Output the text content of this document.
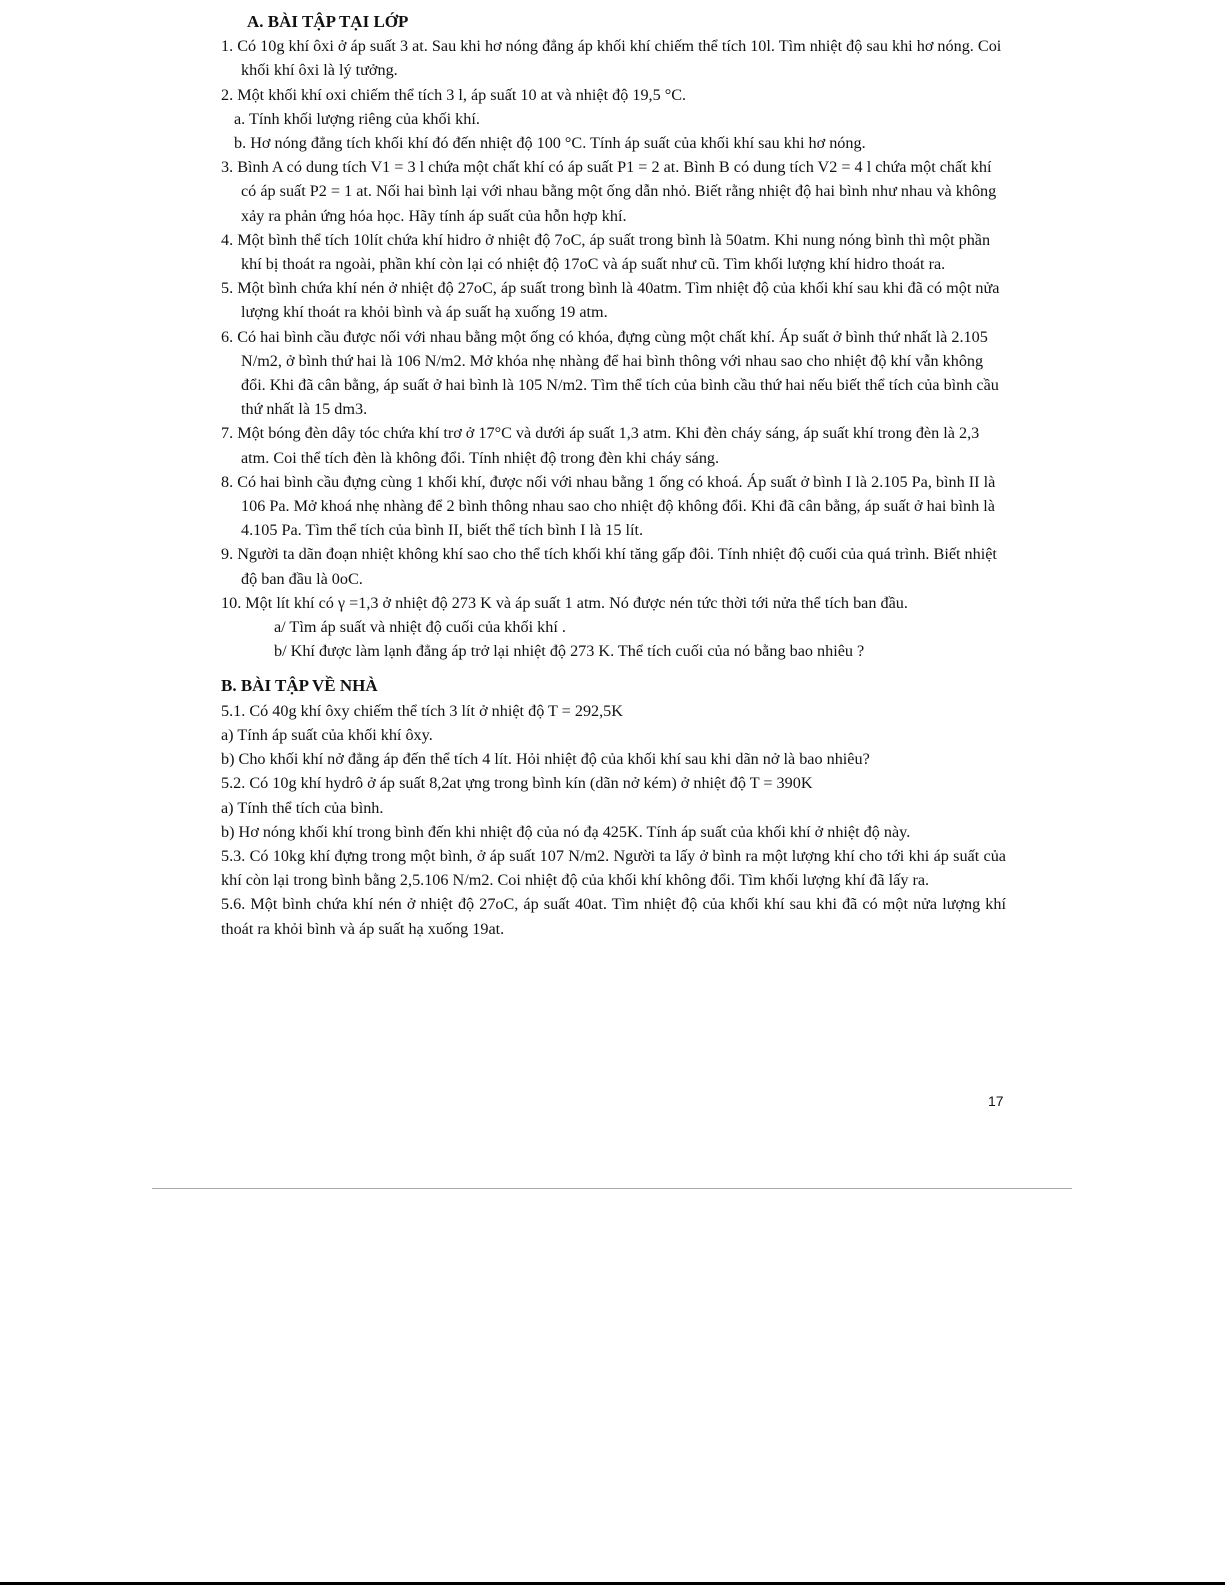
A. BÀI TẬP TẠI LỚP

1. Có 10g khí ôxi ở áp suất 3 at. Sau khi hơ nóng đẳng áp khối khí chiếm thể tích 10l. Tìm nhiệt độ sau khi hơ nóng. Coi khối khí ôxi là lý tưởng.

2. Một khối khí oxi chiếm thể tích 3 l, áp suất 10 at và nhiệt độ 19,5 °C.

a. Tính khối lượng riêng của khối khí.

b. Hơ nóng đẳng tích khối khí đó đến nhiệt độ 100 °C. Tính áp suất của khối khí sau khi hơ nóng.

3. Bình A có dung tích V1 = 3 l chứa một chất khí có áp suất P1 = 2 at. Bình B có dung tích V2 = 4 l chứa một chất khí có áp suất P2 = 1 at. Nối hai bình lại với nhau bằng một ống dẫn nhỏ. Biết rằng nhiệt độ hai bình như nhau và không xảy ra phản ứng hóa học. Hãy tính áp suất của hỗn hợp khí.

4. Một bình thể tích 10lít chứa khí hidro ở nhiệt độ 7oC, áp suất trong bình là 50atm. Khi nung nóng bình thì một phần khí bị thoát ra ngoài, phần khí còn lại có nhiệt độ 17oC và áp suất như cũ. Tìm khối lượng khí hidro thoát ra.

5. Một bình chứa khí nén ở nhiệt độ 27oC, áp suất trong bình là 40atm. Tìm nhiệt độ của khối khí sau khi đã có một nửa lượng khí thoát ra khỏi bình và áp suất hạ xuống 19 atm.

6. Có hai bình cầu được nối với nhau bằng một ống có khóa, đựng cùng một chất khí. Áp suất ở bình thứ nhất là 2.105 N/m2, ở bình thứ hai là 106 N/m2. Mở khóa nhẹ nhàng để hai bình thông với nhau sao cho nhiệt độ khí vẫn không đổi. Khi đã cân bằng, áp suất ở hai bình là 105 N/m2. Tìm thể tích của bình cầu thứ hai nếu biết thể tích của bình cầu thứ nhất là 15 dm3.

7. Một bóng đèn dây tóc chứa khí trơ ở 17°C và dưới áp suất 1,3 atm. Khi đèn cháy sáng, áp suất khí trong đèn là 2,3 atm. Coi thể tích đèn là không đổi. Tính nhiệt độ trong đèn khi cháy sáng.

8. Có hai bình cầu đựng cùng 1 khối khí, được nối với nhau bằng 1 ống có khoá. Áp suất ở bình I là 2.105 Pa, bình II là 106 Pa. Mở khoá nhẹ nhàng để 2 bình thông nhau sao cho nhiệt độ không đổi. Khi đã cân bằng, áp suất ở hai bình là 4.105 Pa. Tìm thể tích của bình II, biết thể tích bình I là 15 lít.

9. Người ta dãn đoạn nhiệt không khí sao cho thể tích khối khí tăng gấp đôi. Tính nhiệt độ cuối của quá trình. Biết nhiệt độ ban đầu là 0oC.

10. Một lít khí có γ =1,3 ở nhiệt độ 273 K và áp suất 1 atm. Nó được nén tức thời tới nửa thể tích ban đầu.

a/ Tìm áp suất và nhiệt độ cuối của khối khí .

b/ Khí được làm lạnh đẳng áp trở lại nhiệt độ 273 K. Thể tích cuối của nó bằng bao nhiêu ?

B. BÀI TẬP VỀ NHÀ

5.1. Có 40g khí ôxy chiếm thể tích 3 lít ở nhiệt độ T = 292,5K

a) Tính áp suất của khối khí ôxy.

b) Cho khối khí nở đẳng áp đến thể tích 4 lít. Hỏi nhiệt độ của khối khí sau khi dãn nở là bao nhiêu?

5.2. Có 10g khí hydrô ở áp suất 8,2at ựng trong bình kín (dãn nở kém) ở nhiệt độ T = 390K

a) Tính thể tích của bình.

b) Hơ nóng khối khí trong bình đến khi nhiệt độ của nó đạ 425K. Tính áp suất của khối khí ở nhiệt độ này.

5.3. Có 10kg khí đựng trong một bình, ở áp suất 107 N/m2. Người ta lấy ở bình ra một lượng khí cho tới khi áp suất của khí còn lại trong bình bằng 2,5.106 N/m2. Coi nhiệt độ của khối khí không đổi. Tìm khối lượng khí đã lấy ra.

5.6. Một bình chứa khí nén ở nhiệt độ 27oC, áp suất 40at. Tìm nhiệt độ của khối khí sau khi đã có một nửa lượng khí thoát ra khỏi bình và áp suất hạ xuống 19at.

17
